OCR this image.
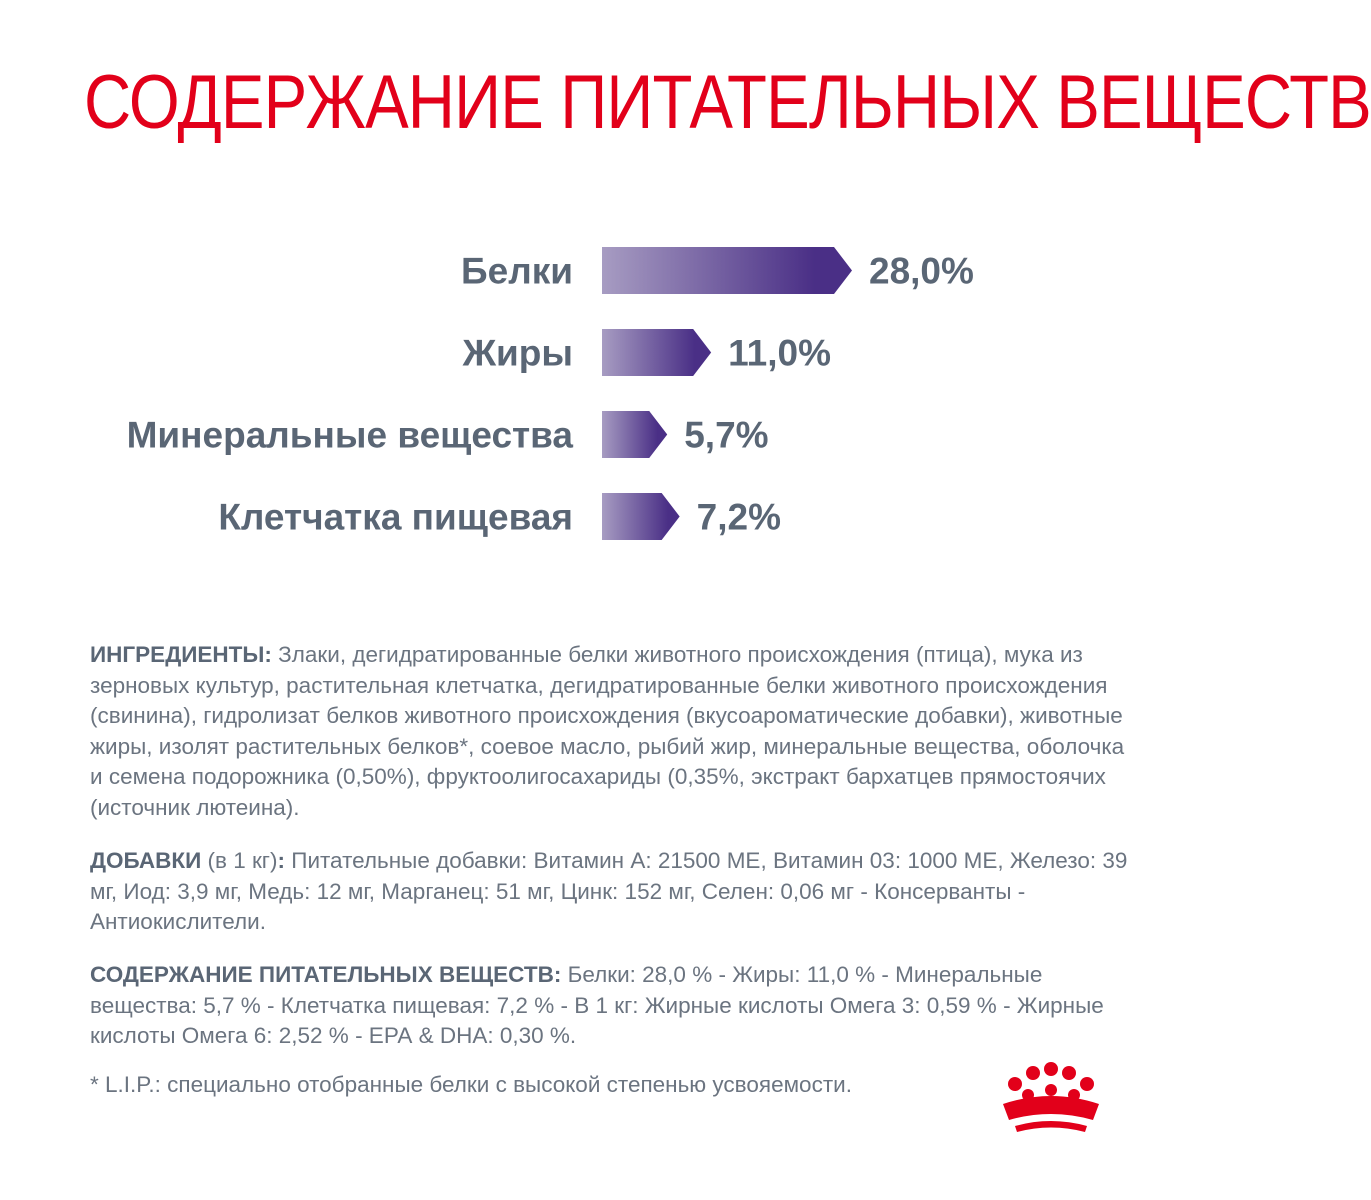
СОДЕРЖАНИЕ ПИТАТЕЛЬНЫХ ВЕЩЕСТВ
Белки	28,0%
Жиры	11,0%
Минеральные вещества	5,7%
Клетчатка пищевая	7,2%
ИНГРЕДИЕНТЫ: Злаки, дегидратированные белки животного происхождения (птица), мука из зерновых культур, растительная клетчатка, дегидратированные белки животного происхождения (свинина), гидролизат белков животного происхождения (вкусоароматические добавки), животные жиры, изолят растительных белков*, соевое масло, рыбий жир, минеральные вещества, оболочка и семена подорожника (0,50%), фруктоолигосахариды (0,35%, экстракт бархатцев прямостоячих (источник лютеина).
ДОБАВКИ (в 1 кг): Питательные добавки: Витамин А: 21500 МЕ, Витамин 03: 1000 МЕ, Железо: 39 мг, Иод: 3,9 мг, Медь: 12 мг, Марганец: 51 мг, Цинк: 152 мг, Селен: 0,06 мг - Консерванты - Антиокислители.
СОДЕРЖАНИЕ ПИТАТЕЛЬНЫХ ВЕЩЕСТВ: Белки: 28,0 % - Жиры: 11,0 % - Минеральные вещества: 5,7 % - Клетчатка пищевая: 7,2 % - В 1 кг: Жирные кислоты Омега 3: 0,59 % - Жирные кислоты Омега 6: 2,52 % - ЕРА & DHA: 0,30 %.
* L.I.P.: специально отобранные белки с высокой степенью усвояемости.
